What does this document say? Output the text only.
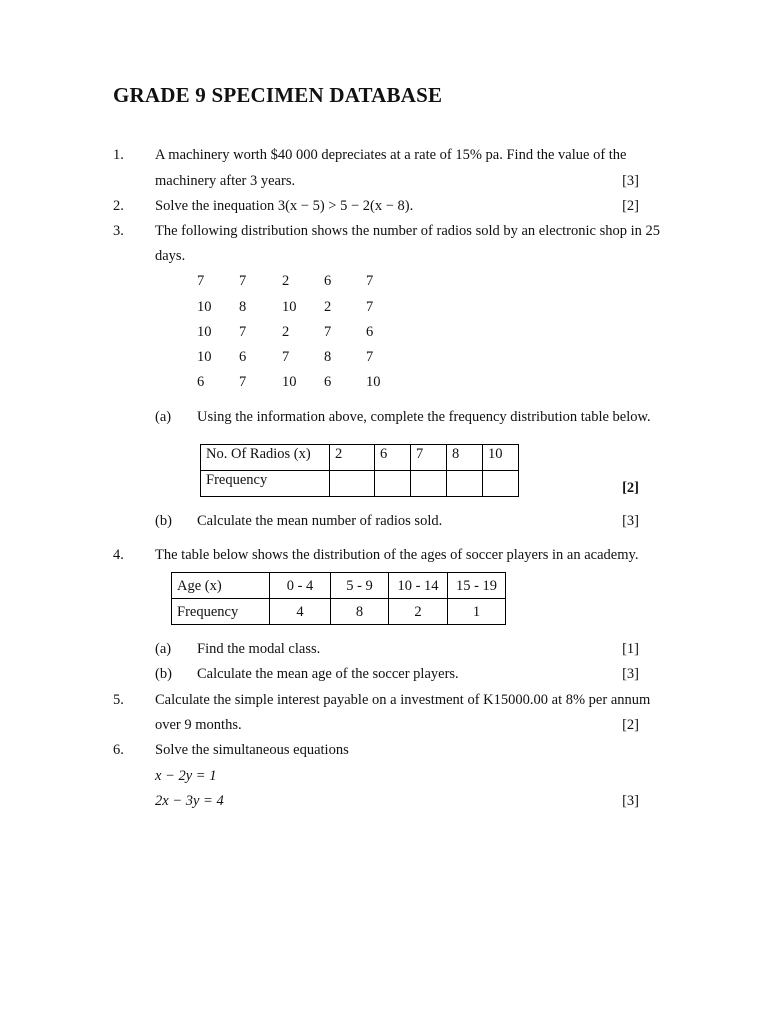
GRADE 9 SPECIMEN DATABASE
1. A machinery worth $40 000 depreciates at a rate of 15% pa. Find the value of the
machinery after 3 years.	[3]
2. Solve the inequation 3(x − 5) > 5 − 2(x − 8).	[2]
3. The following distribution shows the number of radios sold by an electronic shop in 25
days.
7	7	2	6	7
10	8	10	2	7
10	7	2	7	6
10	6	7	8	7
6	7	10	6	10
(a) Using the information above, complete the frequency distribution table below.
No. Of Radios (x)	2	6	7	8	10
Frequency						[2]
(b) Calculate the mean number of radios sold.	[3]
4. The table below shows the distribution of the ages of soccer players in an academy.
Age (x)	0 - 4	5 - 9	10 - 14	15 - 19
Frequency	4	8	2	1
(a) Find the modal class.	[1]
(b) Calculate the mean age of the soccer players.	[3]
5. Calculate the simple interest payable on a investment of K15000.00 at 8% per annum
over 9 months.	[2]
6. Solve the simultaneous equations
x − 2y = 1
2x − 3y = 4	[3]
